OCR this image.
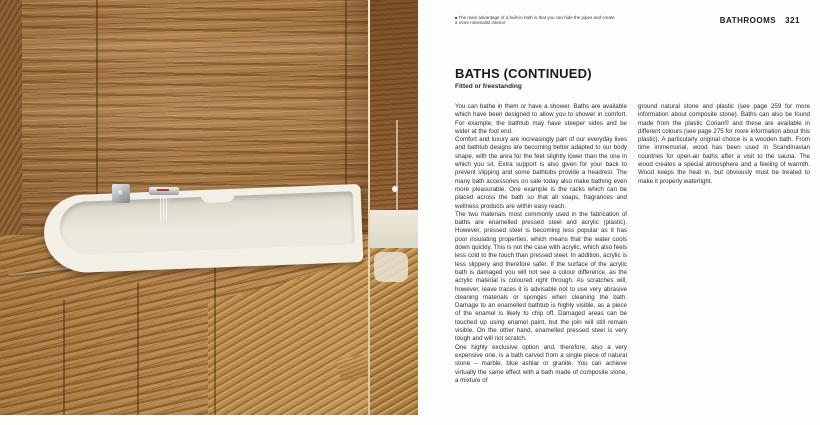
■The main advantage of a built-in bath is that you can hide the pipes and create a more minimalist interior	BATHROOMS 321
BATHS (CONTINUED)
Fitted or freestanding

You can bathe in them or have a shower. Baths are available which have been designed to allow you to shower in comfort. For example, the bathtub may have steeper sides and be wider at the foot end.

Comfort and luxury are increasingly part of our everyday lives and bathtub designs are becoming better adapted to our body shape, with the area for the feet slightly lower than the one in which you sit. Extra support is also given for your back to prevent slipping and some bathtubs provide a headrest. The many bath accessories on sale today also make bathing even more pleasurable. One example is the racks which can be placed across the bath so that all soaps, fragrances and wellness products are within easy reach.

The two materials most commonly used in the fabrication of baths are enamelled pressed steel and acrylic (plastic). However, pressed steel is becoming less popular as it has poor insulating properties, which means that the water cools down quickly. This is not the case with acrylic, which also feels less cold to the touch than pressed steel. In addition, acrylic is less slippery and therefore safer. If the surface of the acrylic bath is damaged you will not see a colour difference, as the acrylic material is coloured right through. As scratches will, however, leave traces it is advisable not to use very abrasive cleaning materials or sponges when cleaning the bath. Damage to an enamelled bathtub is highly visible, as a piece of the enamel is likely to chip off. Damaged areas can be touched up using enamel paint, but the join will still remain visible. On the other hand, enamelled pressed steel is very tough and will not scratch.

One highly exclusive option and, therefore, also a very expensive one, is a bath carved from a single piece of natural stone – marble, blue ashlar or granite. You can achieve virtually the same effect with a bath made of composite stone, a mixture of

ground natural stone and plastic (see page 259 for more information about composite stone). Baths can also be found made from the plastic Corian® and these are available in different colours (see page 275 for more information about this plastic). A particularly original choice is a wooden bath. From time immemorial, wood has been used in Scandinavian countries for open-air baths after a visit to the sauna. The wood creates a special atmosphere and a feeling of warmth. Wood keeps the heat in, but obviously must be treated to make it properly watertight.
